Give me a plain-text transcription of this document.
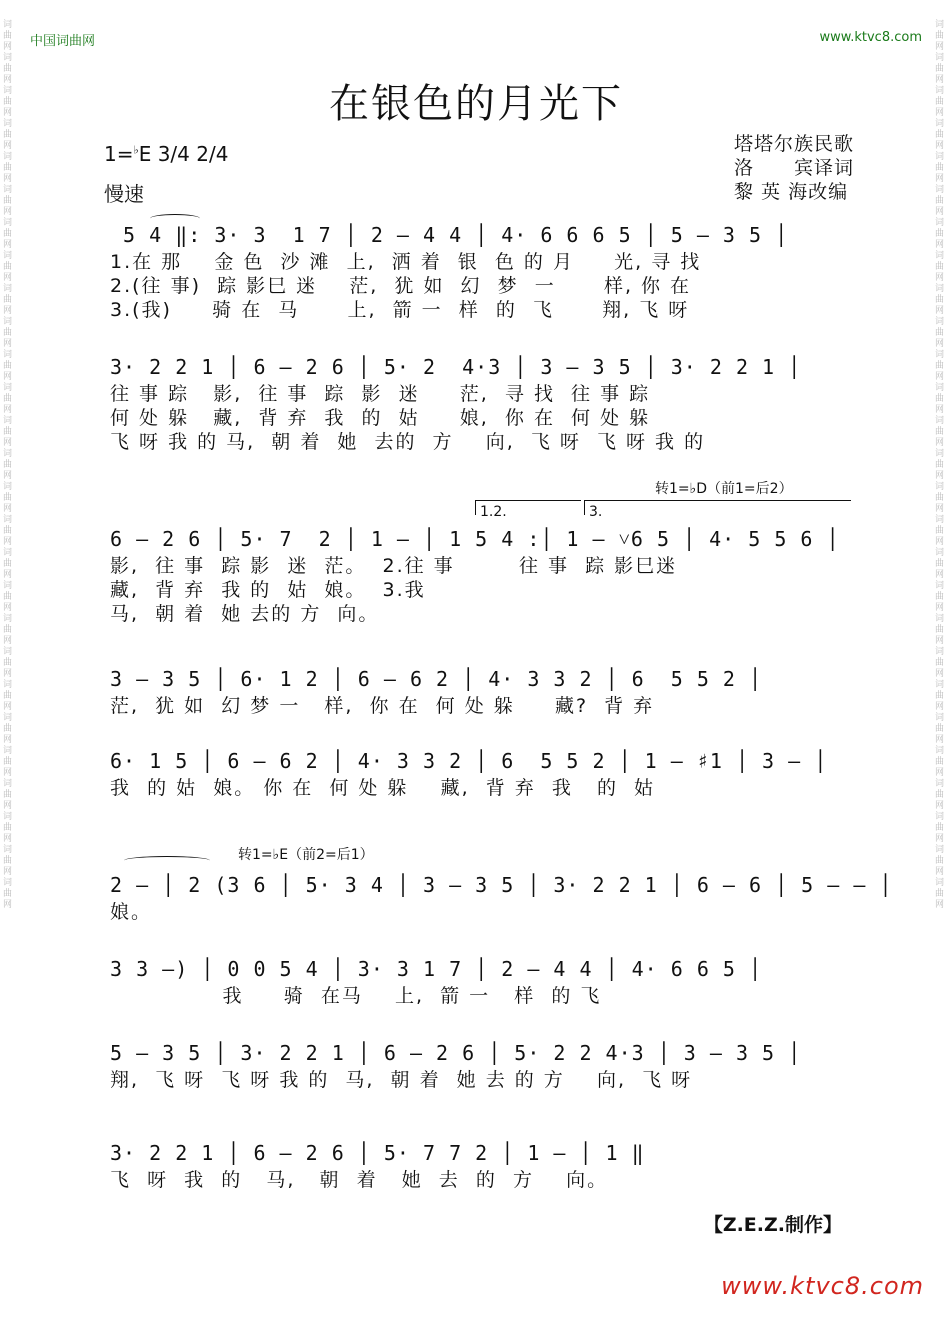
词曲网词曲网词曲网词曲网词曲网词曲网词曲网词曲网词曲网词曲网词曲网词曲网词曲网词曲网词曲网词曲网词曲网词曲网词曲网词曲网词曲网词曲网词曲网词曲网词曲网词曲网词曲网
词曲网词曲网词曲网词曲网词曲网词曲网词曲网词曲网词曲网词曲网词曲网词曲网词曲网词曲网词曲网词曲网词曲网词曲网词曲网词曲网词曲网词曲网词曲网词曲网词曲网词曲网词曲网
中国词曲网	www.ktvc8.com
在银色的月光下
1=♭E 3/4 2/4
慢速
塔塔尔族民歌
洛　　宾译词
黎 英 海改编
5 4 ‖: 3· 3  1 7 │ 2 — 4 4 │ 4· 6 6 6 5 │ 5 — 3 5 │
1.在 那    金 色  沙 滩  上,  洒 着  银  色 的 月     光, 寻 找
2.(往 事)  踪 影巳 迷    茫,  犹 如  幻  梦  一      样, 你 在
3.(我)     骑 在  马      上,  箭 一  样  的  飞      翔, 飞 呀
3· 2 2 1 │ 6 — 2 6 │ 5· 2  4·3 │ 3 — 3 5 │ 3· 2 2 1 │
往 事 踪   影,  往 事  踪  影  迷     茫,  寻 找  往 事 踪
何 处 躲   藏,  背 弃  我  的  姑     娘,  你 在  何 处 躲
飞 呀 我 的 马,  朝 着  她  去的  方    向,  飞 呀  飞 呀 我 的
转1=♭D（前1=后2）
1.2.	3.
6 — 2 6 │ 5· 7  2 │ 1 — │ 1 5 4 :│ 1 — ˅6 5 │ 4· 5 5 6 │
影,  往 事  踪 影  迷  茫。  2.往 事        往 事  踪 影巳迷
藏,  背 弃  我 的  姑  娘。  3.我
马,  朝 着  她 去的 方  向。
3 — 3 5 │ 6· 1 2 │ 6 — 6 2 │ 4· 3 3 2 │ 6  5 5 2 │
茫,  犹 如  幻 梦 一   样,  你 在  何 处 躲     藏?  背 弃
6· 1 5 │ 6 — 6 2 │ 4· 3 3 2 │ 6  5 5 2 │ 1 — ♯1 │ 3 — │
我  的 姑  娘。 你 在  何 处 躲    藏,  背 弃  我   的  姑
转1=♭E（前2=后1）
2 — │ 2 (3 6 │ 5· 3 4 │ 3 — 3 5 │ 3· 2 2 1 │ 6 — 6 │ 5 — — │
娘。
3 3 —) │ 0 0 5 4 │ 3· 3 1 7 │ 2 — 4 4 │ 4· 6 6 5 │
我     骑  在马    上,  箭 一   样  的 飞
5 — 3 5 │ 3· 2 2 1 │ 6 — 2 6 │ 5· 2 2 4·3 │ 3 — 3 5 │
翔,  飞 呀  飞 呀 我 的  马,  朝 着  她 去 的 方    向,  飞 呀
3· 2 2 1 │ 6 — 2 6 │ 5· 7 7 2 │ 1 — │ 1 ‖
飞  呀  我  的   马,   朝  着   她  去  的  方    向。
【Z.E.Z.制作】
www.ktvc8.com
